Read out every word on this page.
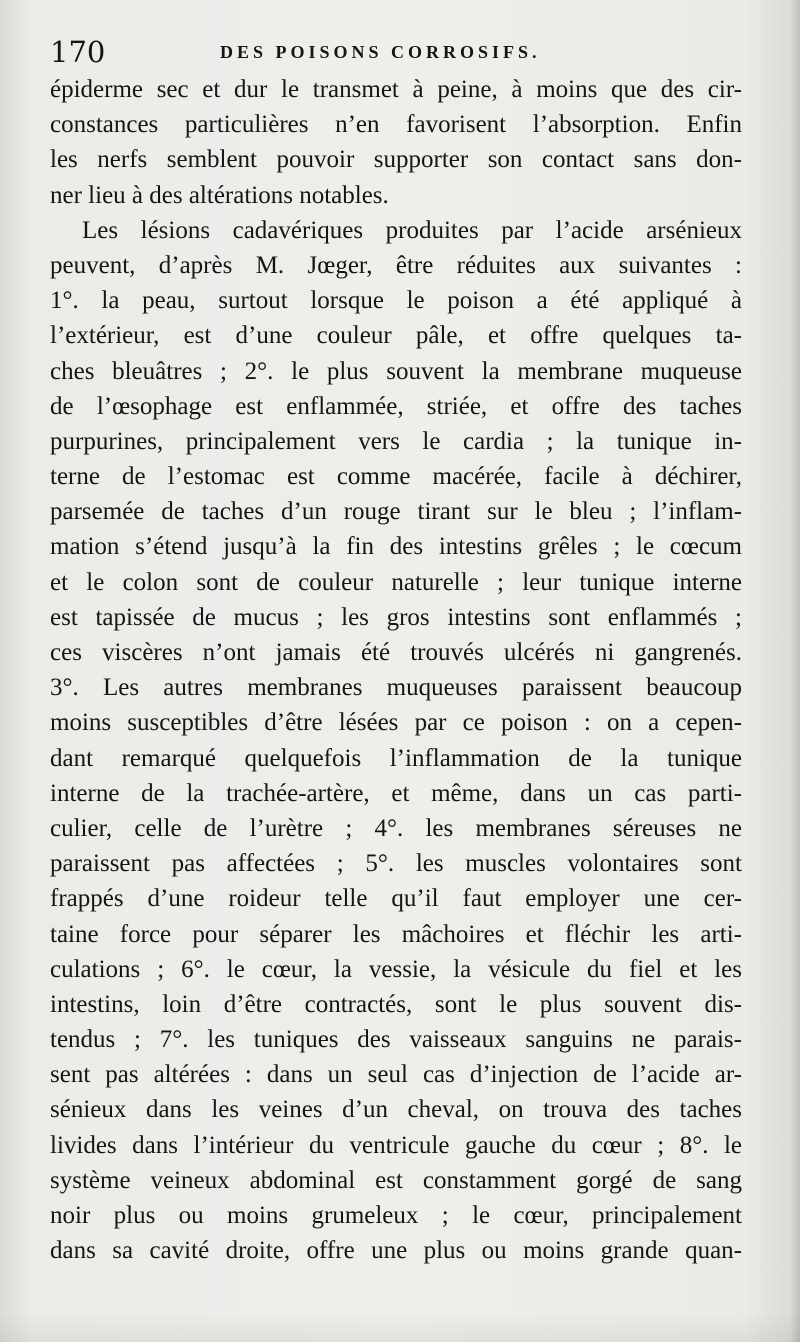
170	DES POISONS CORROSIFS.
épiderme sec et dur le transmet à peine, à moins que des cir-
constances particulières n’en favorisent l’absorption. Enfin
les nerfs semblent pouvoir supporter son contact sans don-
ner lieu à des altérations notables.
Les lésions cadavériques produites par l’acide arsénieux
peuvent, d’après M. Jœger, être réduites aux suivantes :
1°. la peau, surtout lorsque le poison a été appliqué à
l’extérieur, est d’une couleur pâle, et offre quelques ta-
ches bleuâtres ; 2°. le plus souvent la membrane muqueuse
de l’œsophage est enflammée, striée, et offre des taches
purpurines, principalement vers le cardia ; la tunique in-
terne de l’estomac est comme macérée, facile à déchirer,
parsemée de taches d’un rouge tirant sur le bleu ; l’inflam-
mation s’étend jusqu’à la fin des intestins grêles ; le cœcum
et le colon sont de couleur naturelle ; leur tunique interne
est tapissée de mucus ; les gros intestins sont enflammés ;
ces viscères n’ont jamais été trouvés ulcérés ni gangrenés.
3°. Les autres membranes muqueuses paraissent beaucoup
moins susceptibles d’être lésées par ce poison : on a cepen-
dant remarqué quelquefois l’inflammation de la tunique
interne de la trachée-artère, et même, dans un cas parti-
culier, celle de l’urètre ; 4°. les membranes séreuses ne
paraissent pas affectées ; 5°. les muscles volontaires sont
frappés d’une roideur telle qu’il faut employer une cer-
taine force pour séparer les mâchoires et fléchir les arti-
culations ; 6°. le cœur, la vessie, la vésicule du fiel et les
intestins, loin d’être contractés, sont le plus souvent dis-
tendus ; 7°. les tuniques des vaisseaux sanguins ne parais-
sent pas altérées : dans un seul cas d’injection de l’acide ar-
sénieux dans les veines d’un cheval, on trouva des taches
livides dans l’intérieur du ventricule gauche du cœur ; 8°. le
système veineux abdominal est constamment gorgé de sang
noir plus ou moins grumeleux ; le cœur, principalement
dans sa cavité droite, offre une plus ou moins grande quan-
